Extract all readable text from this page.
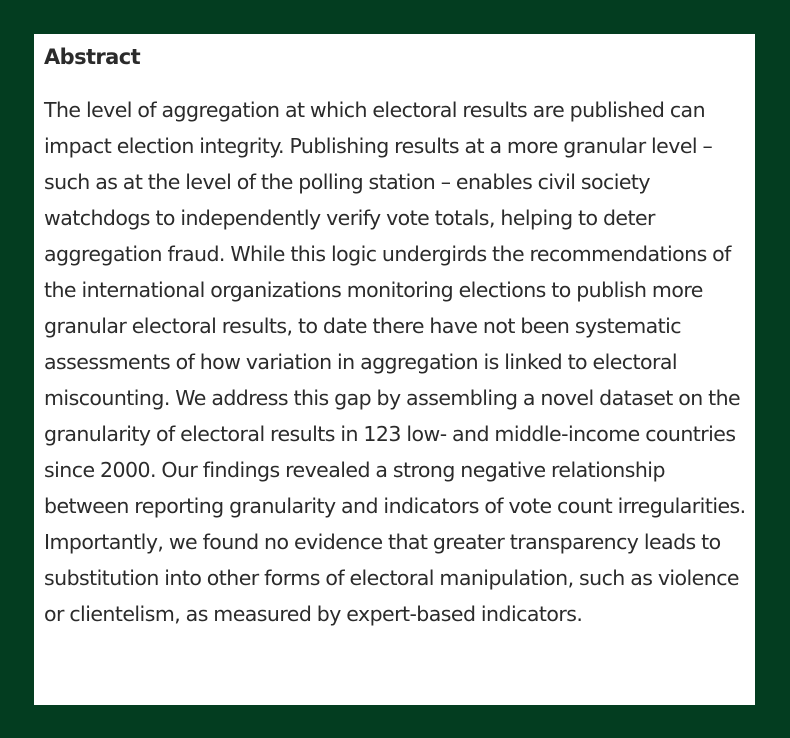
Abstract

The level of aggregation at which electoral results are published can impact election integrity. Publishing results at a more granular level – such as at the level of the polling station – enables civil society watchdogs to independently verify vote totals, helping to deter aggregation fraud. While this logic undergirds the recommendations of the international organizations monitoring elections to publish more granular electoral results, to date there have not been systematic assessments of how variation in aggregation is linked to electoral miscounting. We address this gap by assembling a novel dataset on the granularity of electoral results in 123 low- and middle-income countries since 2000. Our findings revealed a strong negative relationship between reporting granularity and indicators of vote count irregularities. Importantly, we found no evidence that greater transparency leads to substitution into other forms of electoral manipulation, such as violence or clientelism, as measured by expert-based indicators.
